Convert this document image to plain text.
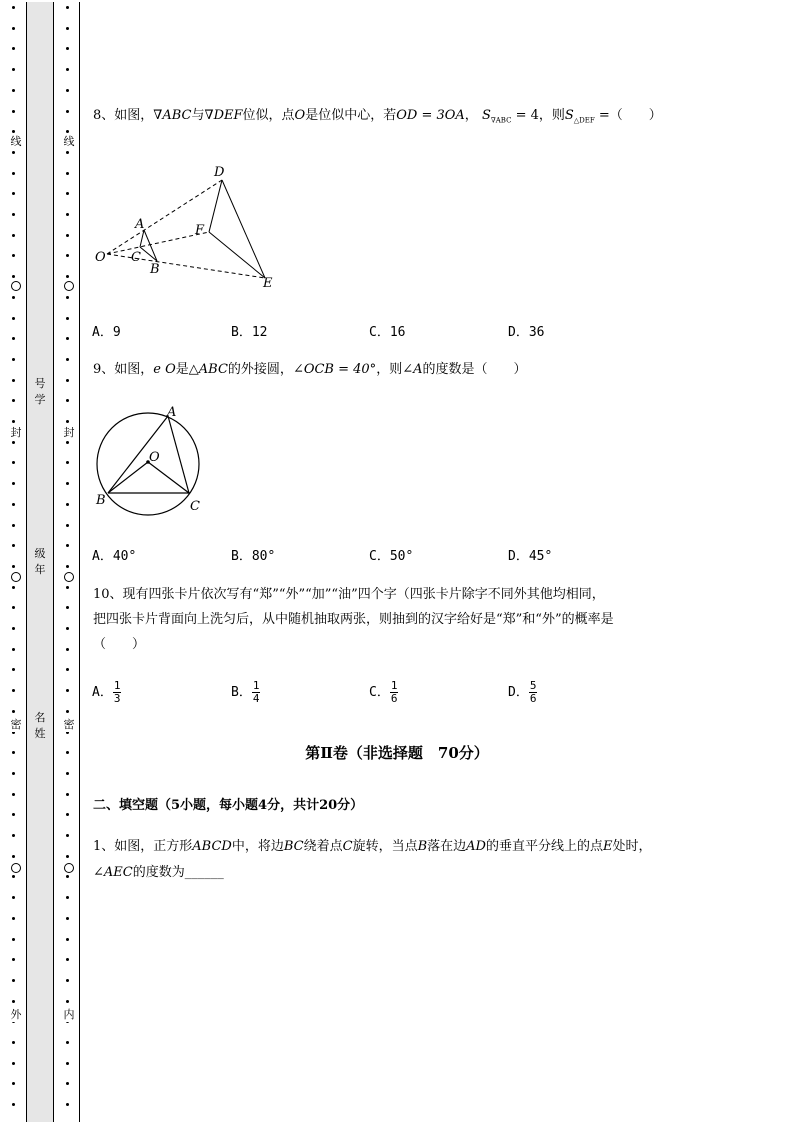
线
封
密
外
线
封
密
内
号学
级年
名姓
8、如图，∇ABC与∇DEF位似，点O是位似中心，若OD = 3OA， $S_{\nabla ABC} = 4$，则$S_{\triangle DEF}$ =（　　）
D
A	F
O C
B
E
A．9	B．12	C．16	D．36
9、如图，e O是△ABC的外接圆，∠OCB = 40°，则∠A的度数是（　　）
A
O
B	C
A．40°	B．80°	C．50°	D．45°
10、现有四张卡片依次写有“郑”“外”“加”“油”四个字（四张卡片除字不同外其他均相同，
把四张卡片背面向上洗匀后，从中随机抽取两张，则抽到的汉字给好是“郑”和“外”的概率是
（　　）
A． $\frac{1}{3}$	B． $\frac{1}{4}$	C． $\frac{1}{6}$	D． $\frac{5}{6}$
第Ⅱ卷（非选择题　70分）
二、填空题（5小题，每小题4分，共计20分）
1、如图，正方形ABCD中，将边BC绕着点C旋转，当点B落在边AD的垂直平分线上的点E处时，
∠AEC的度数为______
